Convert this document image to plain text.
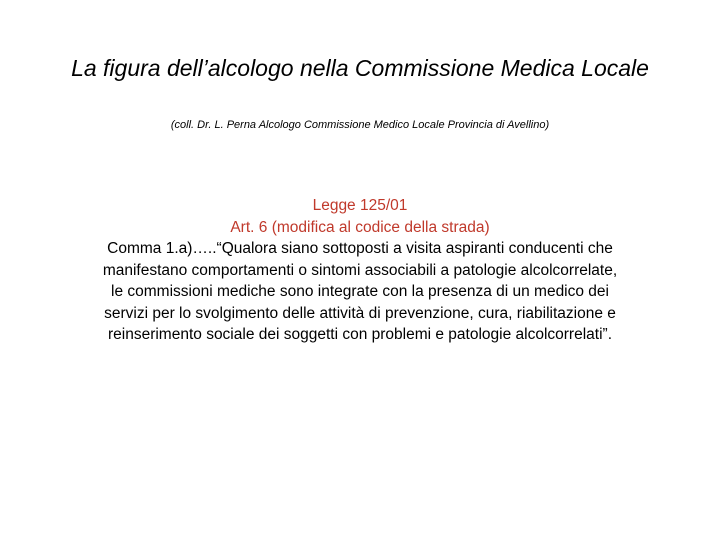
La figura dell’alcologo nella Commissione Medica Locale
(coll. Dr. L. Perna Alcologo Commissione Medico Locale Provincia di Avellino)
Legge 125/01
Art. 6 (modifica al codice della strada)
Comma 1.a)…..“Qualora siano sottoposti a visita aspiranti conducenti che manifestano comportamenti o sintomi associabili a patologie alcolcorrelate, le commissioni mediche sono integrate con la presenza di un medico dei servizi per lo svolgimento delle attività di prevenzione, cura, riabilitazione e reinserimento sociale dei soggetti con problemi e patologie alcolcorrelati”.
